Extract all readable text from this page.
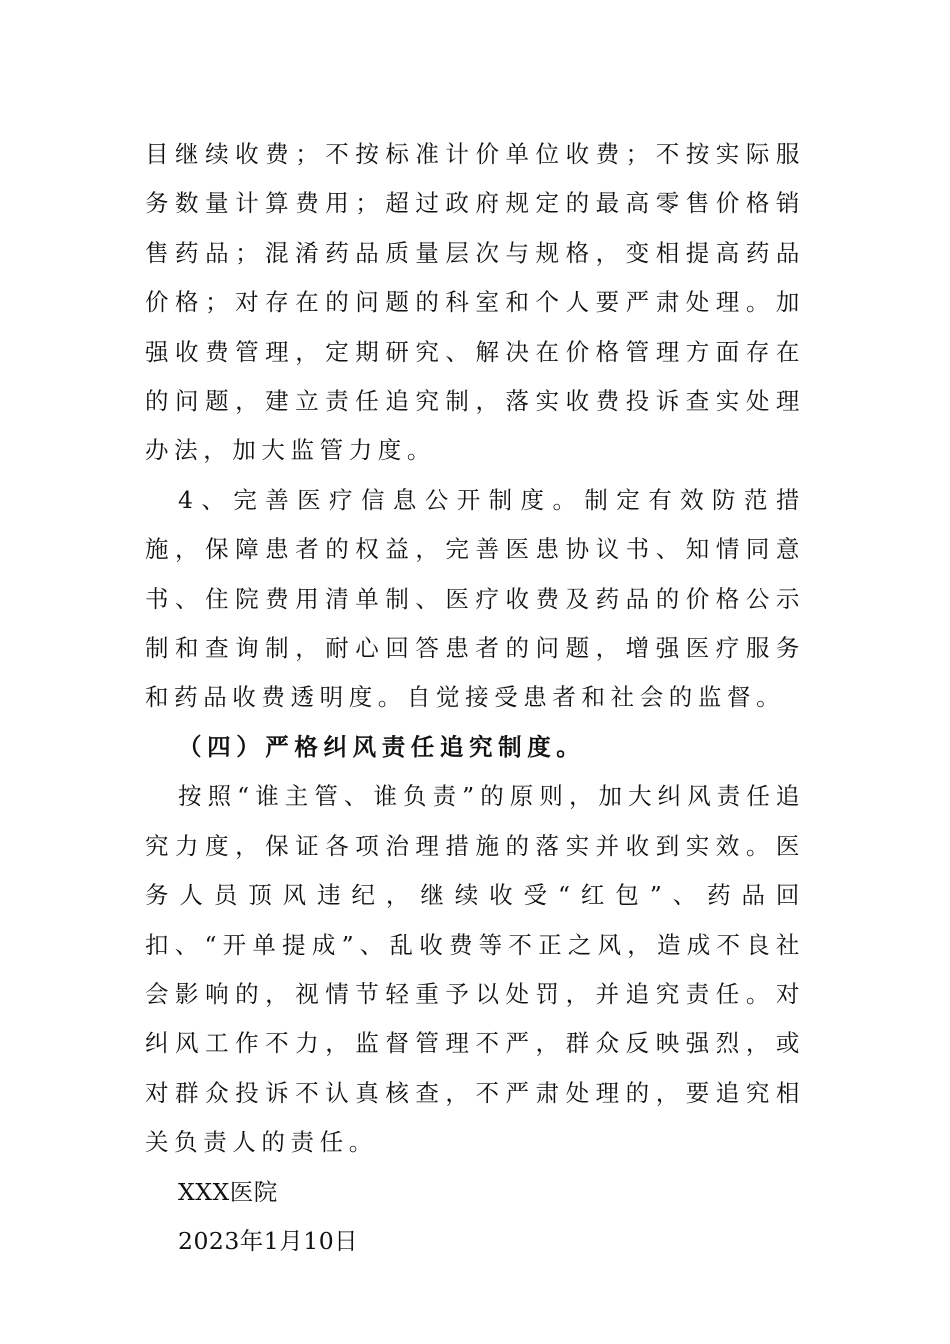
目继续收费；不按标准计价单位收费；不按实际服务数量计算费用；超过政府规定的最高零售价格销售药品；混淆药品质量层次与规格，变相提高药品价格；对存在的问题的科室和个人要严肃处理。加强收费管理，定期研究、解决在价格管理方面存在的问题，建立责任追究制，落实收费投诉查实处理办法，加大监管力度。

4、完善医疗信息公开制度。制定有效防范措施，保障患者的权益，完善医患协议书、知情同意书、住院费用清单制、医疗收费及药品的价格公示制和查询制，耐心回答患者的问题，增强医疗服务和药品收费透明度。自觉接受患者和社会的监督。

（四）严格纠风责任追究制度。

按照“谁主管、谁负责”的原则，加大纠风责任追究力度，保证各项治理措施的落实并收到实效。医务人员顶风违纪，继续收受“红包”、药品回扣、“开单提成”、乱收费等不正之风，造成不良社会影响的，视情节轻重予以处罚，并追究责任。对纠风工作不力，监督管理不严，群众反映强烈，或对群众投诉不认真核查，不严肃处理的，要追究相关负责人的责任。

XXX医院

2023年1月10日
